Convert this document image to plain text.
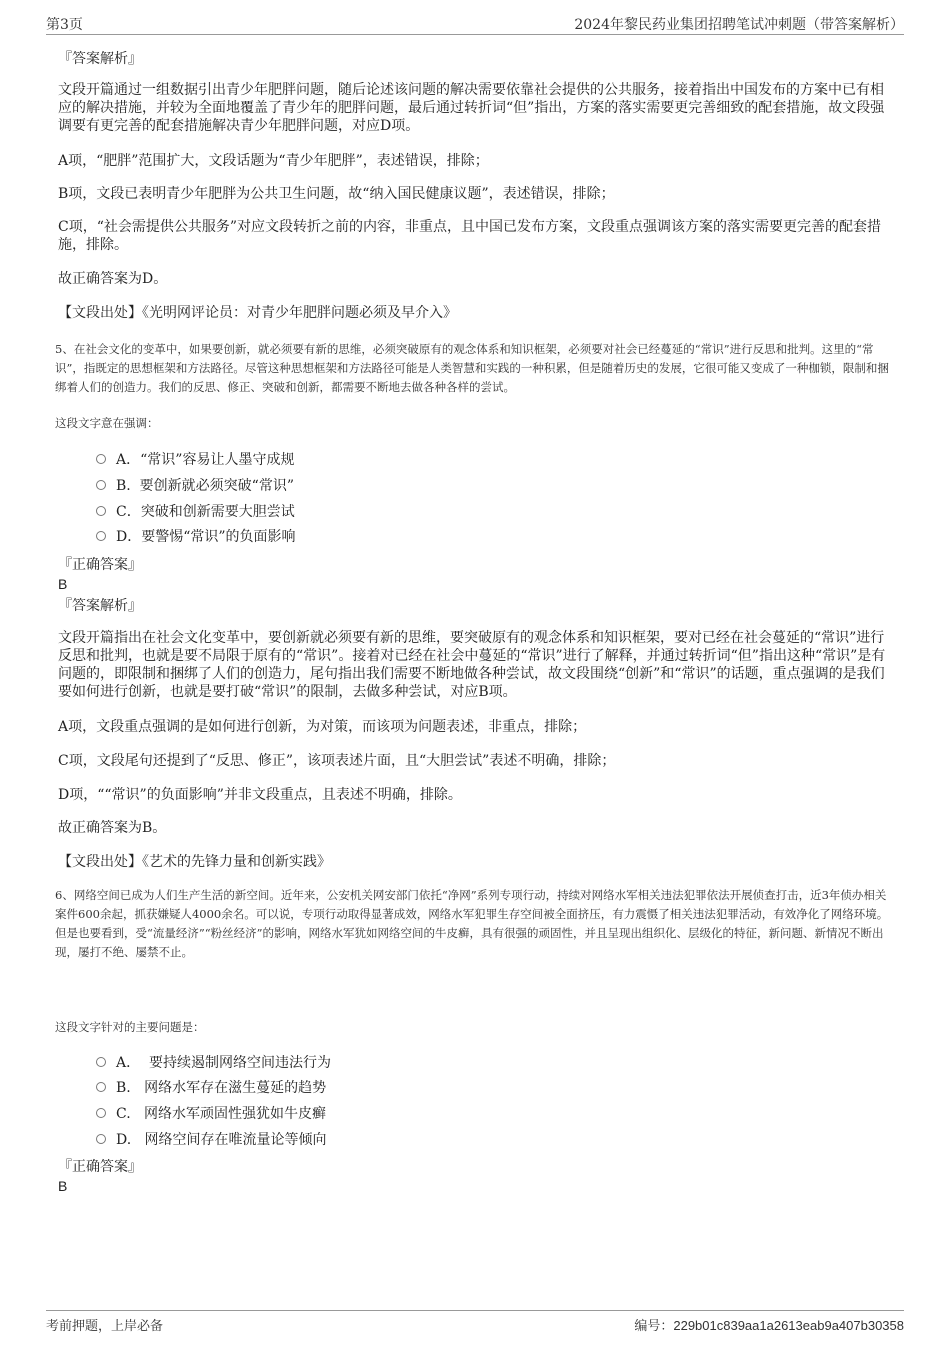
第3页	2024年黎民药业集团招聘笔试冲刺题（带答案解析）
『答案解析』
文段开篇通过一组数据引出青少年肥胖问题，随后论述该问题的解决需要依靠社会提供的公共服务，接着指出中国发布的方案中已有相应的解决措施，并较为全面地覆盖了青少年的肥胖问题，最后通过转折词“但”指出，方案的落实需要更完善细致的配套措施，故文段强调要有更完善的配套措施解决青少年肥胖问题，对应D项。
A项，“肥胖”范围扩大，文段话题为“青少年肥胖”，表述错误，排除；
B项，文段已表明青少年肥胖为公共卫生问题，故“纳入国民健康议题”，表述错误，排除；
C项，“社会需提供公共服务”对应文段转折之前的内容，非重点，且中国已发布方案，文段重点强调该方案的落实需要更完善的配套措施，排除。
故正确答案为D。
【文段出处】《光明网评论员：对青少年肥胖问题必须及早介入》
5、在社会文化的变革中，如果要创新，就必须要有新的思维，必须突破原有的观念体系和知识框架，必须要对社会已经蔓延的“常识”进行反思和批判。这里的“常识”，指既定的思想框架和方法路径。尽管这种思想框架和方法路径可能是人类智慧和实践的一种积累，但是随着历史的发展，它很可能又变成了一种枷锁，限制和捆绑着人们的创造力。我们的反思、修正、突破和创新，都需要不断地去做各种各样的尝试。
这段文字意在强调：
A．“常识”容易让人墨守成规
B. 要创新就必须突破“常识”
C．突破和创新需要大胆尝试
D．要警惕“常识”的负面影响
『正确答案』
B
『答案解析』
文段开篇指出在社会文化变革中，要创新就必须要有新的思维，要突破原有的观念体系和知识框架，要对已经在社会蔓延的“常识”进行反思和批判，也就是要不局限于原有的“常识”。接着对已经在社会中蔓延的“常识”进行了解释，并通过转折词“但”指出这种“常识”是有问题的，即限制和捆绑了人们的创造力，尾句指出我们需要不断地做各种尝试，故文段围绕“创新”和“常识”的话题，重点强调的是我们要如何进行创新，也就是要打破“常识”的限制，去做多种尝试，对应B项。
A项，文段重点强调的是如何进行创新，为对策，而该项为问题表述，非重点，排除；
C项，文段尾句还提到了“反思、修正”，该项表述片面，且“大胆尝试”表述不明确，排除；
D项，““常识”的负面影响”并非文段重点，且表述不明确，排除。
故正确答案为B。
【文段出处】《艺术的先锋力量和创新实践》
6、网络空间已成为人们生产生活的新空间。近年来，公安机关网安部门依托“净网”系列专项行动，持续对网络水军相关违法犯罪依法开展侦查打击，近3年侦办相关案件600余起，抓获嫌疑人4000余名。可以说，专项行动取得显著成效，网络水军犯罪生存空间被全面挤压，有力震慑了相关违法犯罪活动，有效净化了网络环境。但是也要看到，受“流量经济”“粉丝经济”的影响，网络水军犹如网络空间的牛皮癣，具有很强的顽固性，并且呈现出组织化、层级化的特征，新问题、新情况不断出现，屡打不绝、屡禁不止。
这段文字针对的主要问题是：
A． 要持续遏制网络空间违法行为
B. 网络水军存在滋生蔓延的趋势
C. 网络水军顽固性强犹如牛皮癣
D. 网络空间存在唯流量论等倾向
『正确答案』
B
考前押题，上岸必备	编号：229b01c839aa1a2613eab9a407b30358
